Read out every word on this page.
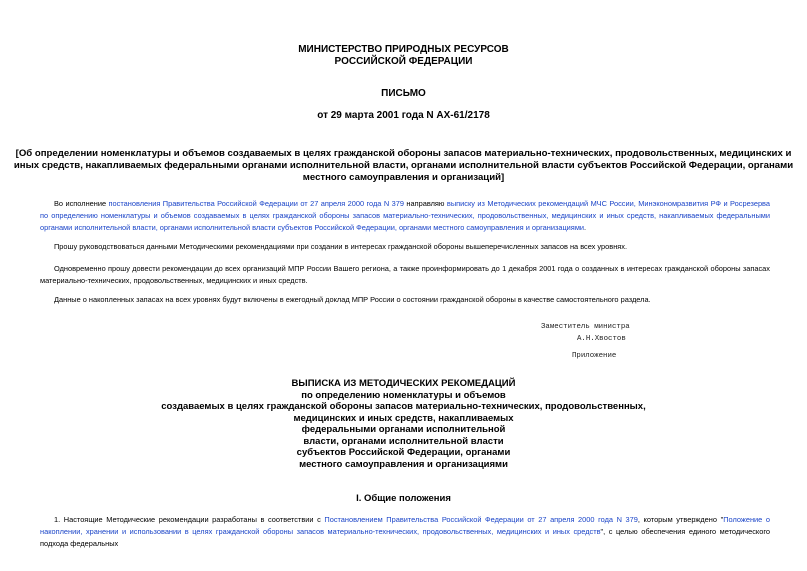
МИНИСТЕРСТВО ПРИРОДНЫХ РЕСУРСОВ
РОССИЙСКОЙ ФЕДЕРАЦИИ
ПИСЬМО
от 29 марта 2001 года N АХ-61/2178
[Об определении номенклатуры и объемов создаваемых в целях гражданской обороны запасов материально-технических, продовольственных, медицинских и
иных средств, накапливаемых федеральными органами исполнительной власти, органами исполнительной власти субъектов Российской Федерации, органами
местного самоуправления и организаций]
Во исполнение постановления Правительства Российской Федерации от 27 апреля 2000 года N 379 направляю выписку из Методических рекомендаций МЧС России, Минэкономразвития РФ и Росрезерва по определению номенклатуры и объемов создаваемых в целях гражданской обороны запасов материально-технических, продовольственных, медицинских и иных средств, накапливаемых федеральными органами исполнительной власти, органами исполнительной власти субъектов Российской Федерации, органами местного самоуправления и организациями.
Прошу руководствоваться данными Методическими рекомендациями при создании в интересах гражданской обороны вышеперечисленных запасов на всех уровнях.
Одновременно прошу довести рекомендации до всех организаций МПР России Вашего региона, а также проинформировать до 1 декабря 2001 года о созданных в интересах гражданской обороны запасах материально-технических, продовольственных, медицинских и иных средств.
Данные о накопленных запасах на всех уровнях будут включены в ежегодный доклад МПР России о состоянии гражданской обороны в качестве самостоятельного раздела.
Заместитель министра
А.Н.Хвостов
Приложение
ВЫПИСКА ИЗ МЕТОДИЧЕСКИХ РЕКОМЕДАЦИЙ
по определению номенклатуры и объемов
создаваемых в целях гражданской обороны запасов материально-технических, продовольственных,
медицинских и иных средств, накапливаемых
федеральными органами исполнительной
власти, органами исполнительной власти
субъектов Российской Федерации, органами
местного самоуправления и организациями
I. Общие положения
1. Настоящие Методические рекомендации разработаны в соответствии с Постановлением Правительства Российской Федерации от 27 апреля 2000 года N 379, которым утверждено "Положение о накоплении, хранении и использовании в целях гражданской обороны запасов материально-технических, продовольственных, медицинских и иных средств", с целью обеспечения единого методического подхода федеральных
